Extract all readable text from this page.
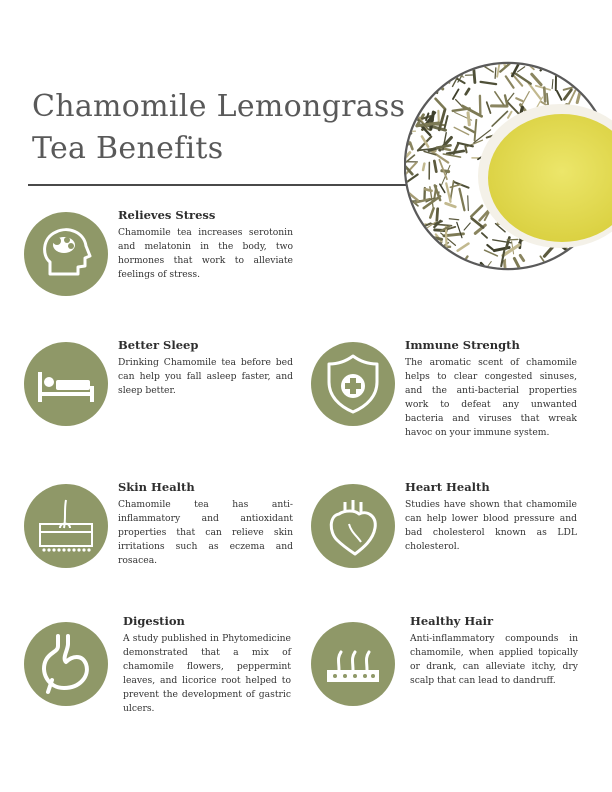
Chamomile Lemongrass
Tea Benefits

Relieves Stress

Chamomile tea increases serotonin and melatonin in the body, two hormones that work to alleviate feelings of stress.

Better Sleep

Drinking Chamomile tea before bed can help you fall asleep faster, and sleep better.

Immune Strength

The aromatic scent of chamomile helps to clear congested sinuses, and the anti-bacterial properties work to defeat any unwanted bacteria and viruses that wreak havoc on your immune system.

Skin Health

Chamomile tea has anti-inflammatory and antioxidant properties that can relieve skin irritations such as eczema and rosacea.

Heart Health

Studies have shown that chamomile can help lower blood pressure and bad cholesterol known as LDL cholesterol.

Digestion

A study published in Phytomedicine demonstrated that a mix of chamomile flowers, peppermint leaves, and licorice root helped to prevent the development of gastric ulcers.

Healthy Hair

Anti-inflammatory compounds in chamomile, when applied topically or drank, can alleviate itchy, dry scalp that can lead to dandruff.
